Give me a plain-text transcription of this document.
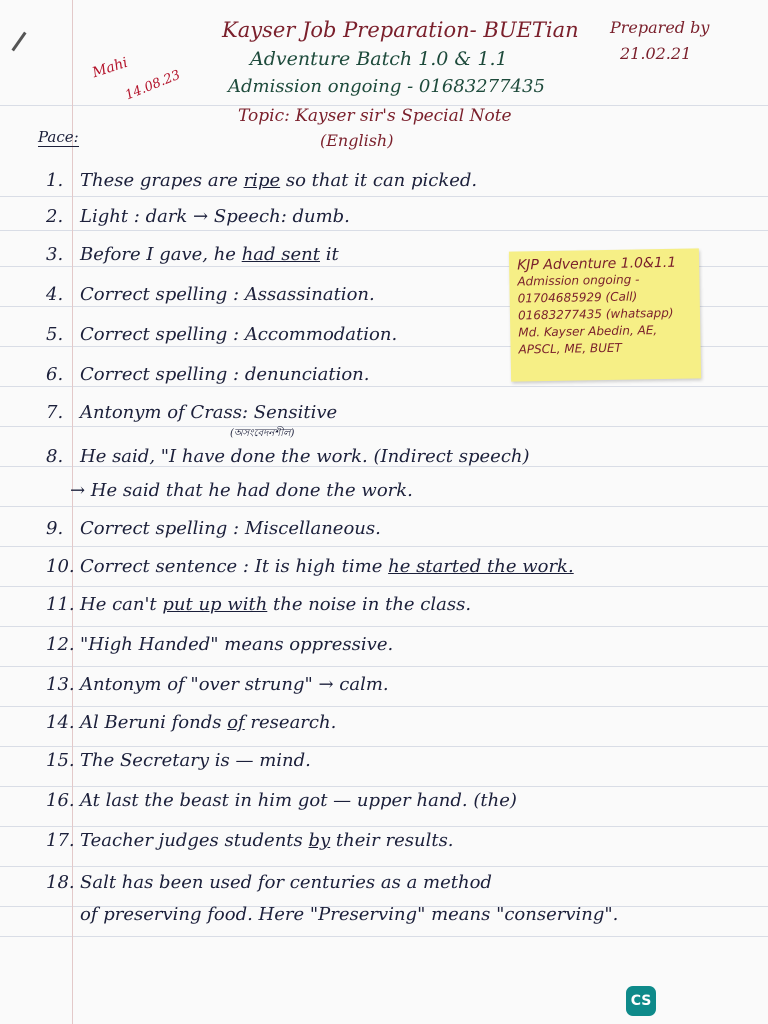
Kayser Job Preparation- BUETian
Adventure Batch 1.0 & 1.1
Admission ongoing - 01683277435
Topic: Kayser sir's Special Note
(English)
Prepared by
21.02.21
Mahi
14.08.23
Pace:
1. These grapes are ripe so that it can picked.
2. Light : dark → Speech: dumb.
3. Before I gave, he had sent it
4. Correct spelling : Assassination.
5. Correct spelling : Accommodation.
6. Correct spelling : denunciation.
7. Antonym of Crass: Sensitive
(অসংবেদনশীল)
8. He said, "I have done the work. (Indirect speech)
→ He said that he had done the work.
9. Correct spelling : Miscellaneous.
10. Correct sentence : It is high time he started the work.
11. He can't put up with the noise in the class.
12. "High Handed" means oppressive.
13. Antonym of "over strung" → calm.
14. Al Beruni fonds of research.
15. The Secretary is — mind.
16. At last the beast in him got — upper hand. (the)
17. Teacher judges students by their results.
18. Salt has been used for centuries as a method
of preserving food. Here "Preserving" means "conserving".
KJP Adventure 1.0&1.1
Admission ongoing -
01704685929 (Call)
01683277435 (whatsapp)
Md. Kayser Abedin, AE,
APSCL, ME, BUET
CS
